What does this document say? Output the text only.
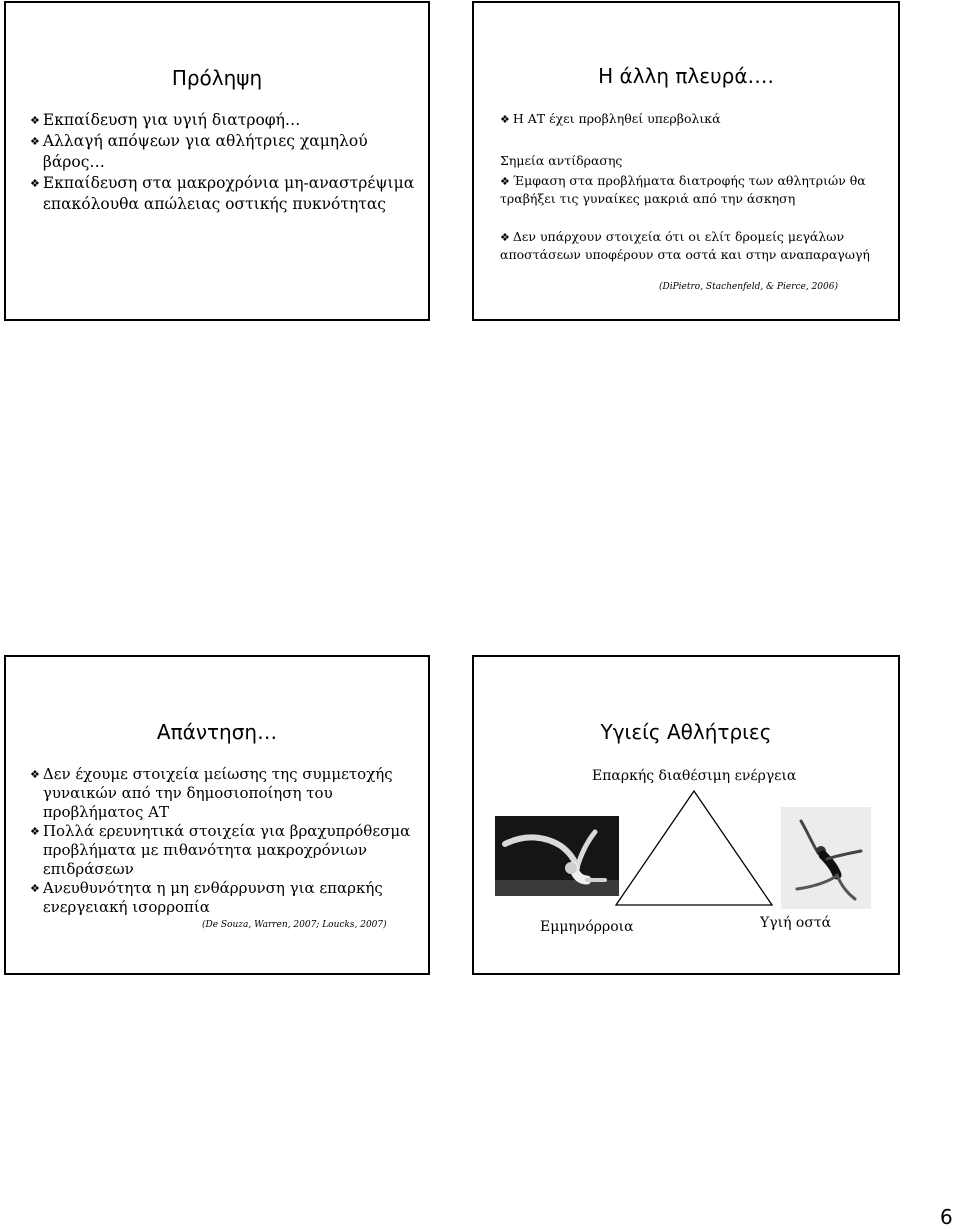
Πρόληψη
❖ Εκπαίδευση για υγιή διατροφή…
❖ Αλλαγή απόψεων για αθλήτριες χαμηλού βάρος…
❖ Εκπαίδευση στα μακροχρόνια μη-αναστρέψιμα επακόλουθα απώλειας οστικής πυκνότητας
Η άλλη πλευρά….
❖ Η ΑΤ έχει προβληθεί υπερβολικά
Σημεία αντίδρασης
❖ Έμφαση στα προβλήματα διατροφής των αθλητριών θα τραβήξει τις γυναίκες μακριά από την άσκηση
❖ Δεν υπάρχουν στοιχεία ότι οι ελίτ δρομείς μεγάλων αποστάσεων υποφέρουν στα οστά και στην αναπαραγωγή
(DiPietro, Stachenfeld, & Pierce, 2006)
Απάντηση…
❖ Δεν έχουμε στοιχεία μείωσης της συμμετοχής γυναικών από την δημοσιοποίηση του προβλήματος ΑΤ
❖ Πολλά ερευνητικά στοιχεία για βραχυπρόθεσμα προβλήματα με πιθανότητα μακροχρόνιων επιδράσεων
❖ Ανευθυνότητα η μη ενθάρρυνση για επαρκής ενεργειακή ισορροπία
(De Souza, Warren, 2007; Loucks, 2007)
Υγιείς Αθλήτριες
Επαρκής διαθέσιμη ενέργεια
Εμμηνόρροια	Υγιή οστά
6
